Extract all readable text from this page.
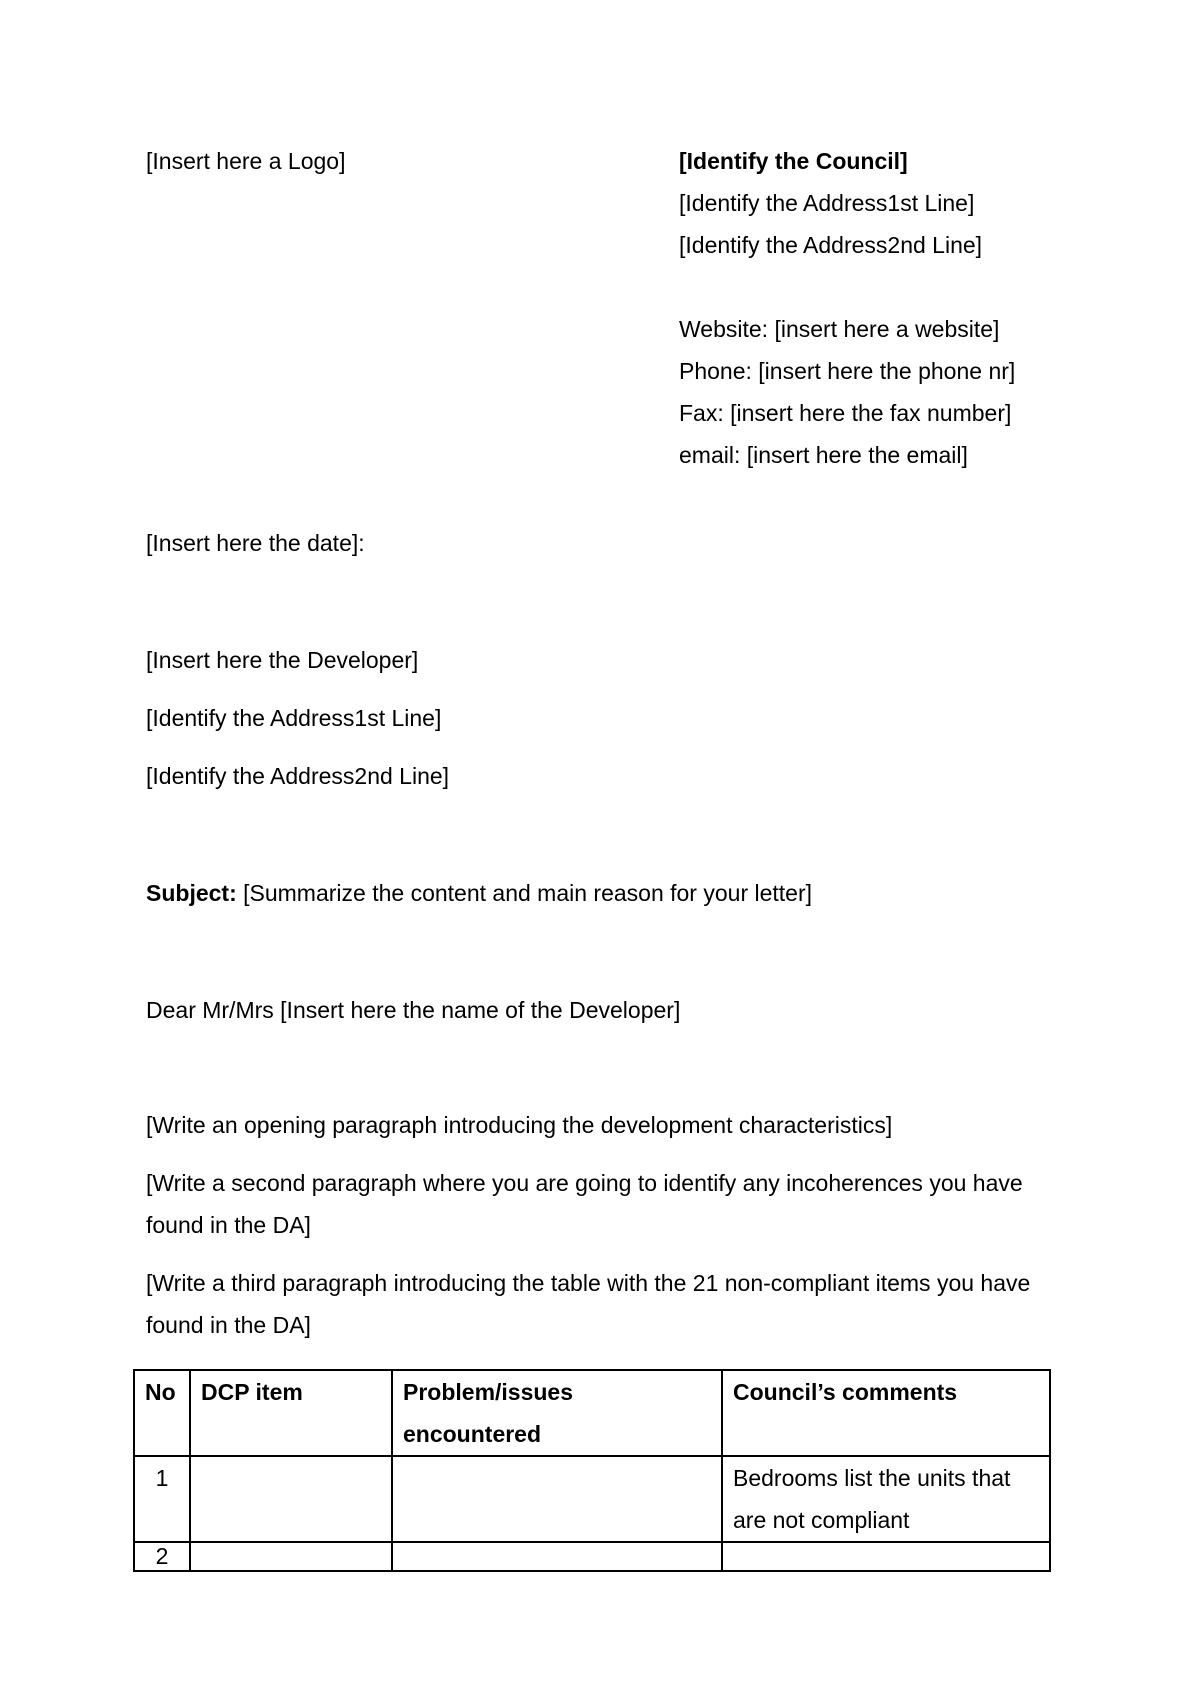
[Insert here a Logo]	[Identify the Council]
[Identify the Address1st Line]
[Identify the Address2nd Line]
Website: [insert here a website]
Phone: [insert here the phone nr]
Fax: [insert here the fax number]
email: [insert here the email]
[Insert here the date]:
[Insert here the Developer]
[Identify the Address1st Line]
[Identify the Address2nd Line]
Subject: [Summarize the content and main reason for your letter]
Dear Mr/Mrs [Insert here the name of the Developer]
[Write an opening paragraph introducing the development characteristics]
[Write a second paragraph where you are going to identify any incoherences you have found in the DA]
[Write a third paragraph introducing the table with the 21 non-compliant items you have found in the DA]
No	DCP item	Problem/issues encountered	Council’s comments
1			Bedrooms list the units that are not compliant
2			
